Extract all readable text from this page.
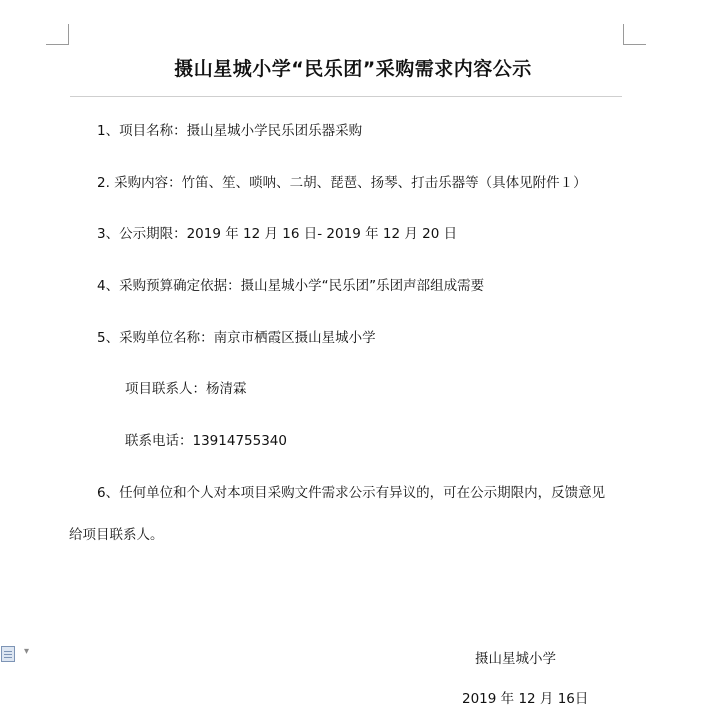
摄山星城小学“民乐团”采购需求内容公示
1、项目名称：摄山星城小学民乐团乐器采购
2. 采购内容：竹笛、笙、唢呐、二胡、琵琶、扬琴、打击乐器等（具体见附件１）
3、公示期限：2019 年 12 月 16 日- 2019 年 12 月 20 日
4、采购预算确定依据：摄山星城小学“民乐团”乐团声部组成需要
5、采购单位名称：南京市栖霞区摄山星城小学
项目联系人：杨清霖
联系电话：13914755340
6、任何单位和个人对本项目采购文件需求公示有异议的，可在公示期限内，反馈意见
给项目联系人。
摄山星城小学
2019 年 12 月 16日
▾
